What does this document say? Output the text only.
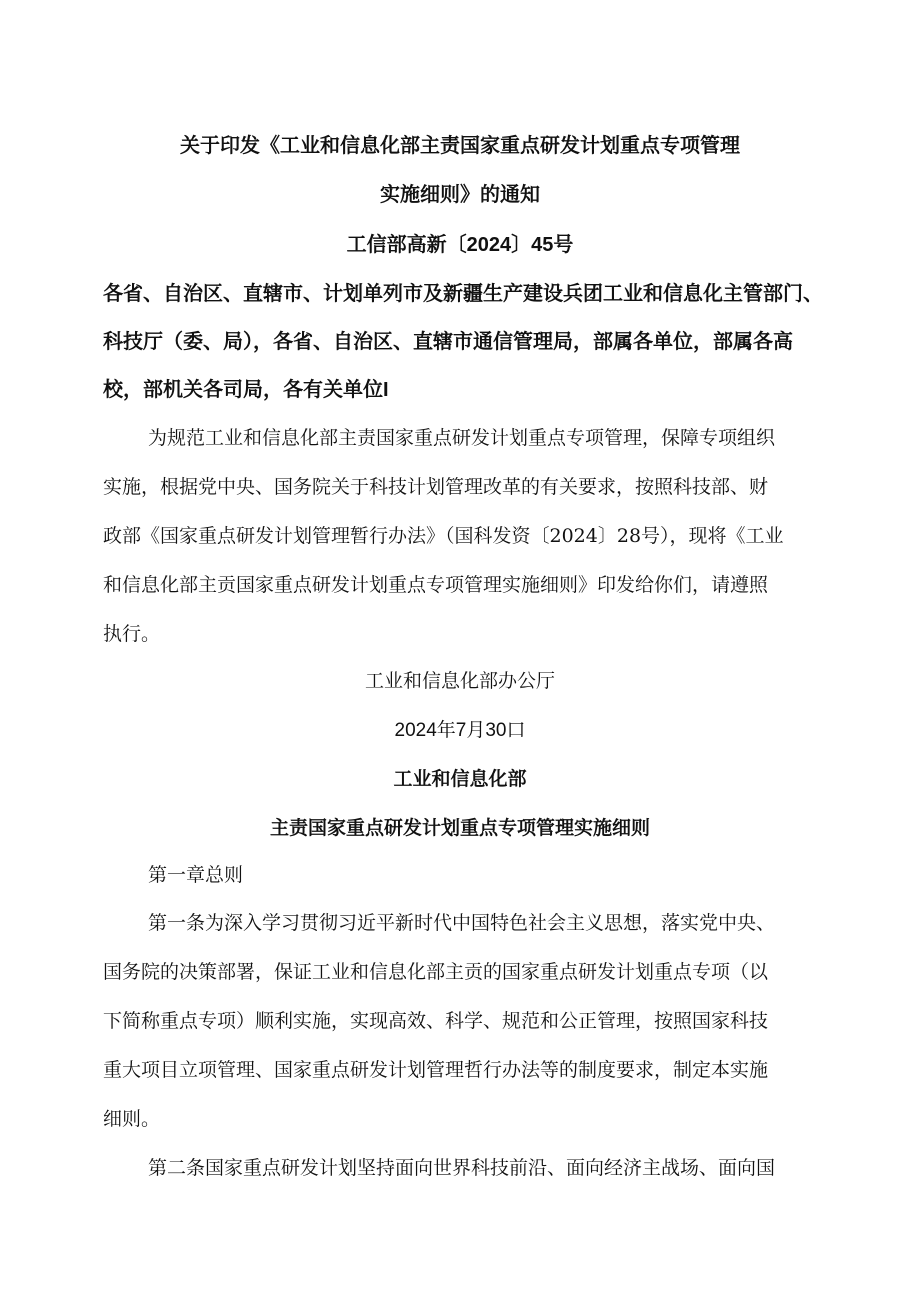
关于印发《工业和信息化部主责国家重点研发计划重点专项管理
实施细则》的通知
工信部高新〔2024〕45号
各省、自治区、直辖市、计划单列市及新疆生产建设兵团工业和信息化主管部门、
科技厅（委、局），各省、自治区、直辖市通信管理局，部属各单位，部属各高
校，部机关各司局，各有关单位I
为规范工业和信息化部主责国家重点研发计划重点专项管理，保障专项组织
实施，根据党中央、国务院关于科技计划管理改革的有关要求，按照科技部、财
政部《国家重点研发计划管理暂行办法》（国科发资〔2024〕28号），现将《工业
和信息化部主贡国家重点研发计划重点专项管理实施细则》印发给你们，请遵照
执行。
工业和信息化部办公厅
2024年7月30口
工业和信息化部
主责国家重点研发计划重点专项管理实施细则
第一章总则
第一条为深入学习贯彻习近平新时代中国特色社会主义思想，落实党中央、
国务院的决策部署，保证工业和信息化部主贡的国家重点研发计划重点专项（以
下简称重点专项）顺利实施，实现高效、科学、规范和公正管理，按照国家科技
重大项目立项管理、国家重点研发计划管理哲行办法等的制度要求，制定本实施
细则。
第二条国家重点研发计划坚持面向世界科技前沿、面向经济主战场、面向国
